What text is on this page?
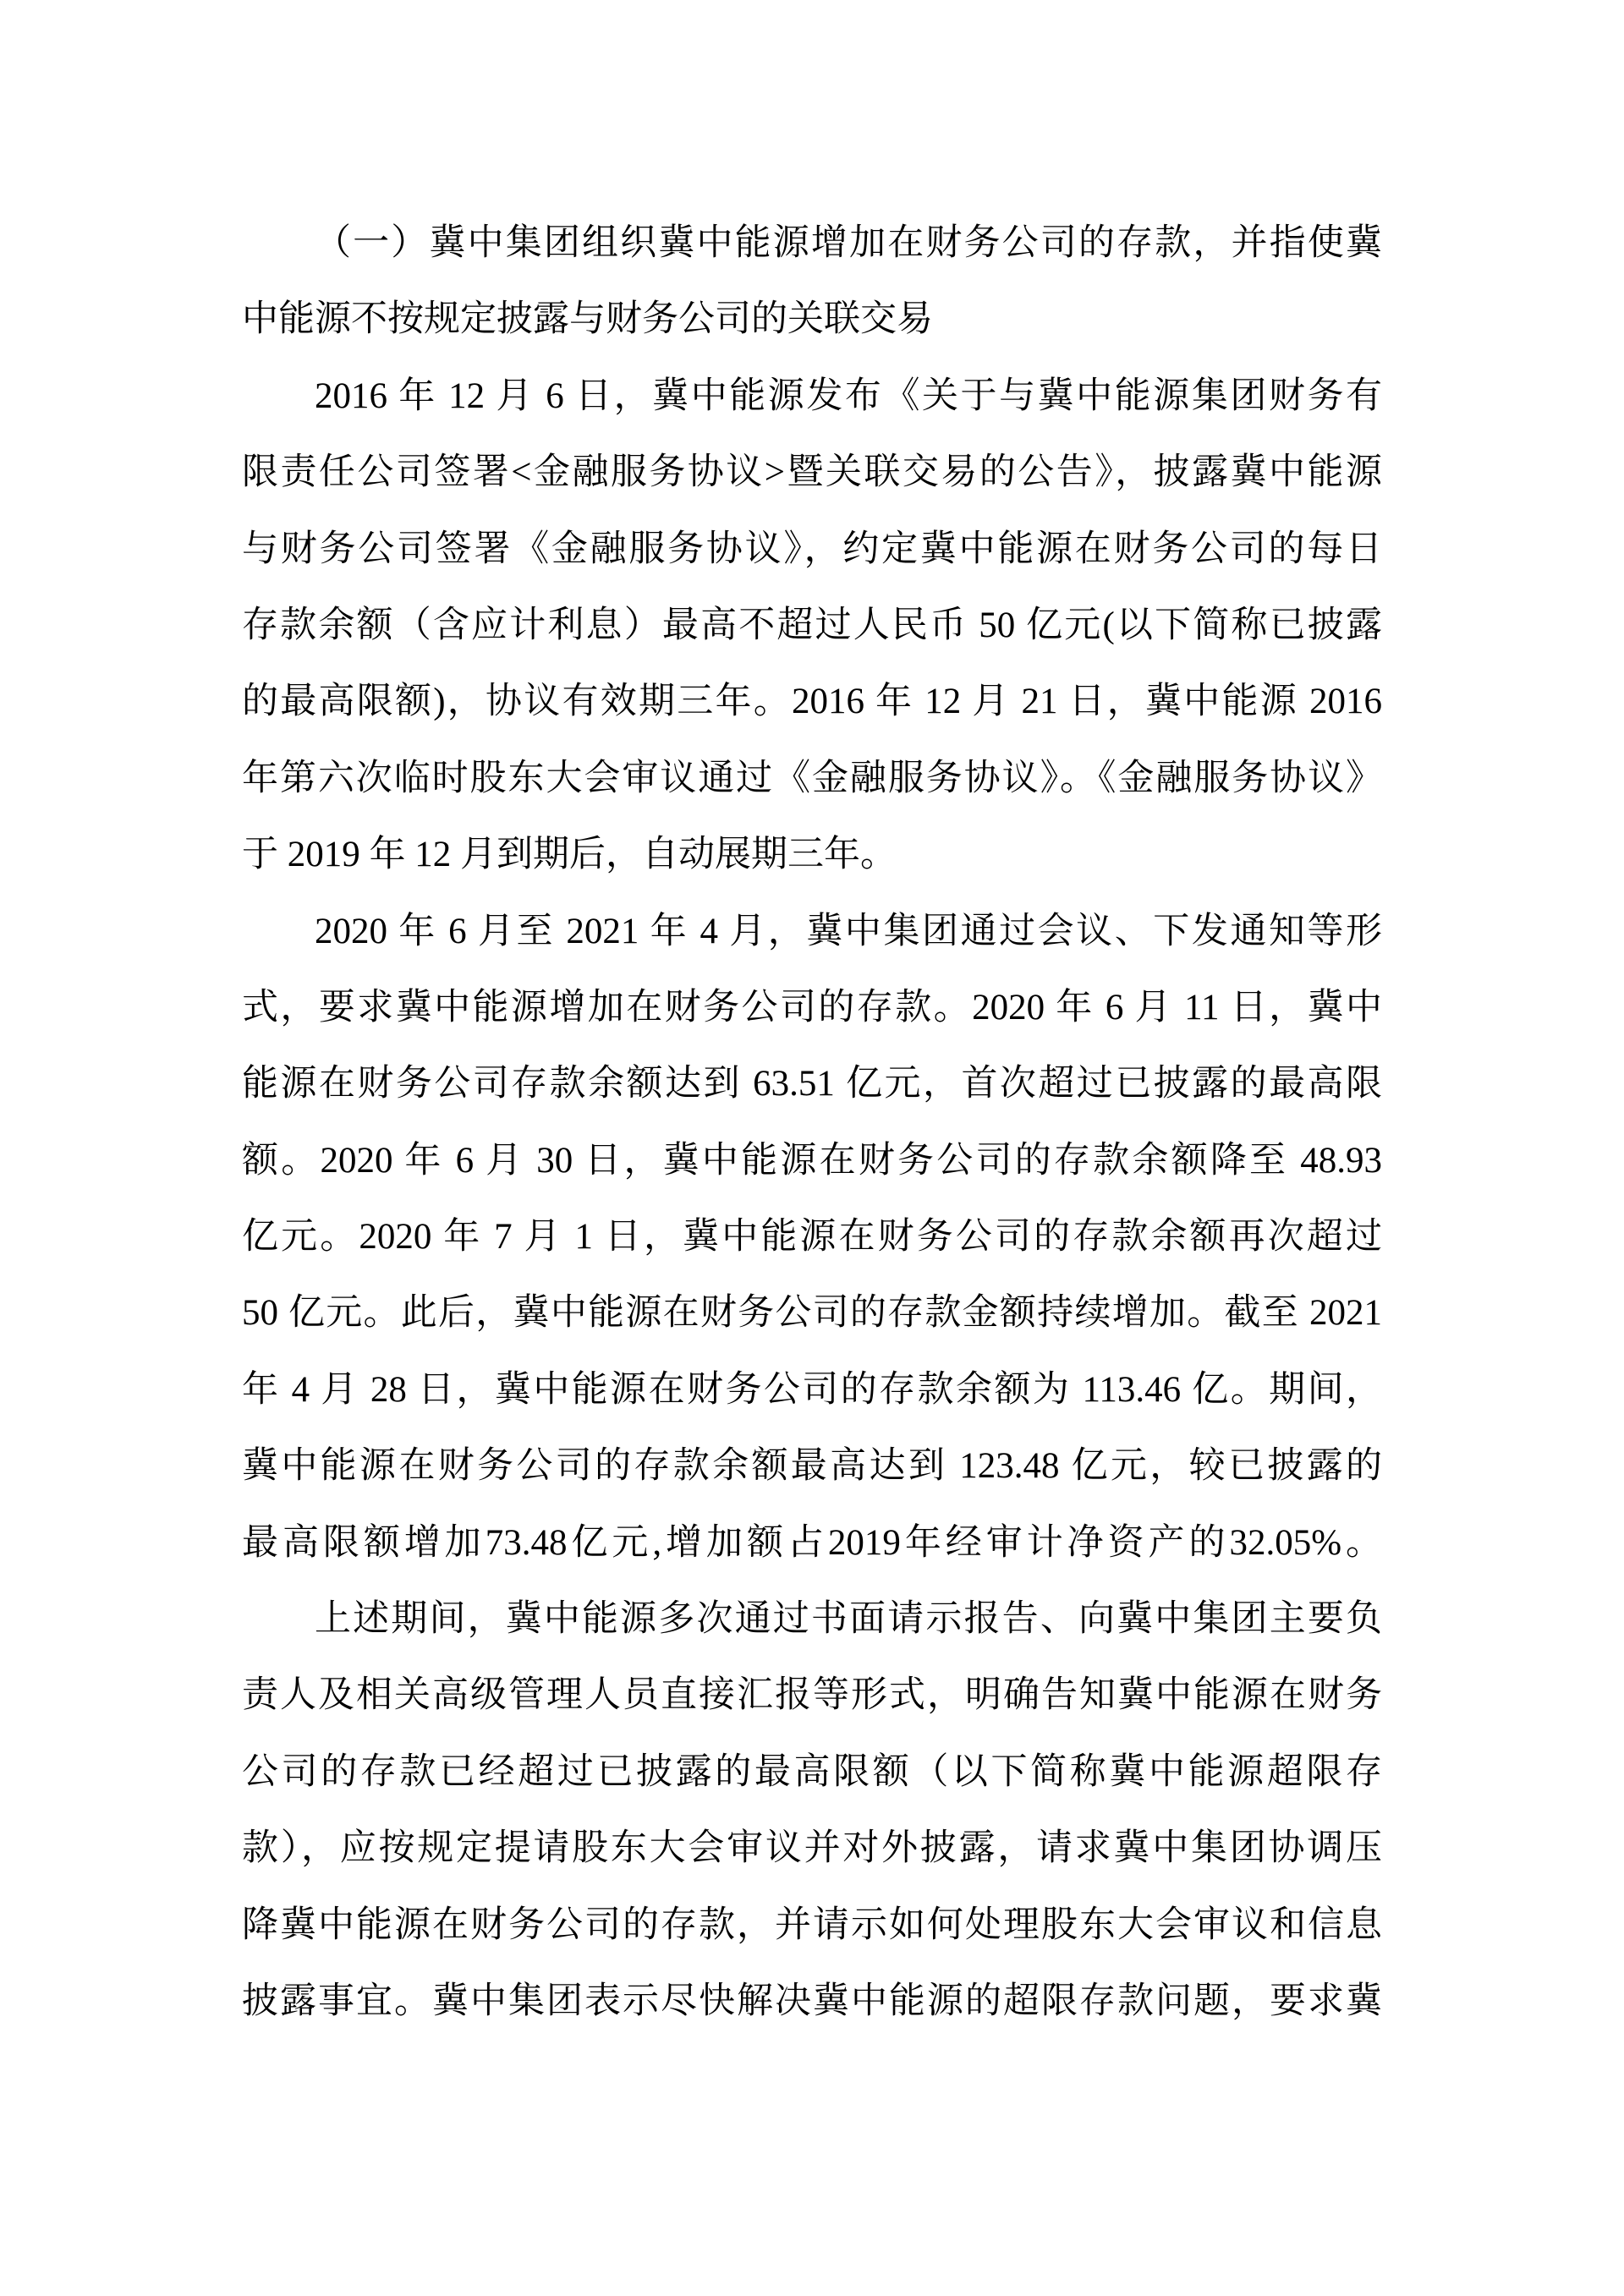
（一）冀中集团组织冀中能源增加在财务公司的存款，并指使冀
中能源不按规定披露与财务公司的关联交易
2016 年 12 月 6 日，冀中能源发布《关于与冀中能源集团财务有
限责任公司签署<金融服务协议>暨关联交易的公告》，披露冀中能源
与财务公司签署《金融服务协议》，约定冀中能源在财务公司的每日
存款余额（含应计利息）最高不超过人民币 50 亿元(以下简称已披露
的最高限额)，协议有效期三年。2016 年 12 月 21 日，冀中能源 2016
年第六次临时股东大会审议通过《金融服务协议》。《金融服务协议》
于 2019 年 12 月到期后，自动展期三年。
2020 年 6 月至 2021 年 4 月，冀中集团通过会议、下发通知等形
式，要求冀中能源增加在财务公司的存款。2020 年 6 月 11 日，冀中
能源在财务公司存款余额达到 63.51 亿元，首次超过已披露的最高限
额。2020 年 6 月 30 日，冀中能源在财务公司的存款余额降至 48.93
亿元。2020 年 7 月 1 日，冀中能源在财务公司的存款余额再次超过
50 亿元。此后，冀中能源在财务公司的存款金额持续增加。截至 2021
年 4 月 28 日，冀中能源在财务公司的存款余额为 113.46 亿。期间，
冀中能源在财务公司的存款余额最高达到 123.48 亿元，较已披露的
最高限额增加73.48亿元,增加额占2019年经审计净资产的32.05%。
上述期间，冀中能源多次通过书面请示报告、向冀中集团主要负
责人及相关高级管理人员直接汇报等形式，明确告知冀中能源在财务
公司的存款已经超过已披露的最高限额（以下简称冀中能源超限存
款），应按规定提请股东大会审议并对外披露，请求冀中集团协调压
降冀中能源在财务公司的存款，并请示如何处理股东大会审议和信息
披露事宜。冀中集团表示尽快解决冀中能源的超限存款问题，要求冀
